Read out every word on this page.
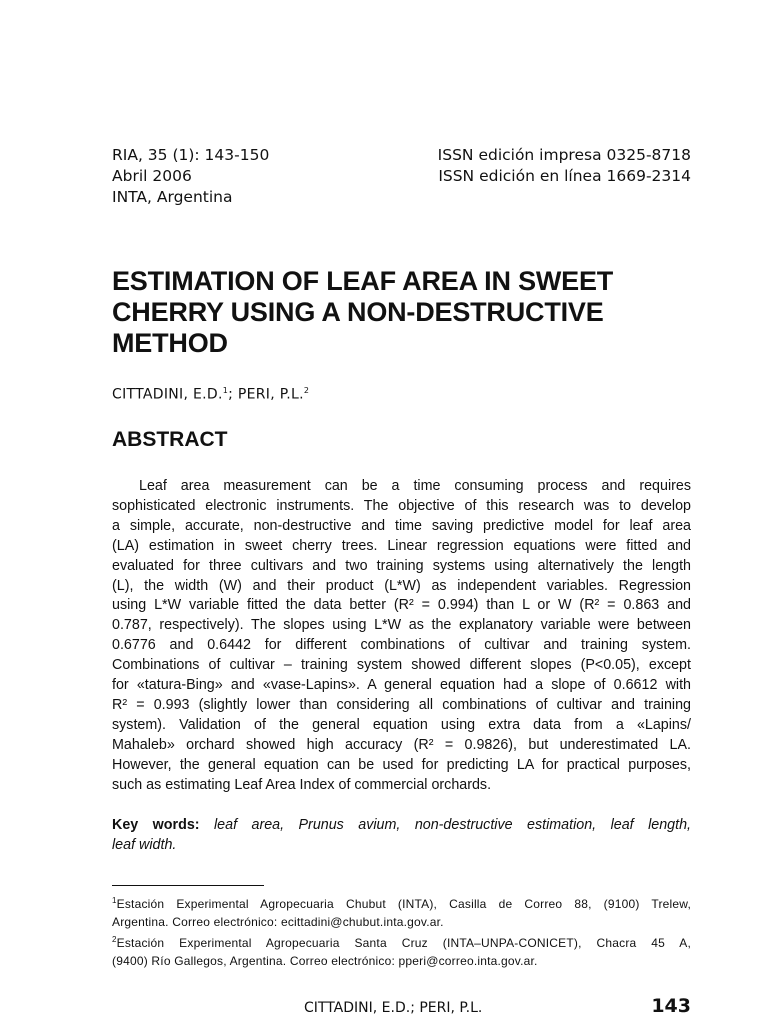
RIA, 35 (1): 143-150
Abril 2006
INTA, Argentina
ISSN edición impresa 0325-8718
ISSN edición en línea 1669-2314
ESTIMATION OF LEAF AREA IN SWEET
CHERRY USING A NON-DESTRUCTIVE
METHOD
CITTADINI, E.D.$^1$; PERI, P.L.$^2$
ABSTRACT
Leaf area measurement can be a time consuming process and requires
sophisticated electronic instruments. The objective of this research was to develop
a simple, accurate, non-destructive and time saving predictive model for leaf area
(LA) estimation in sweet cherry trees. Linear regression equations were fitted and
evaluated for three cultivars and two training systems using alternatively the length
(L), the width (W) and their product (L*W) as independent variables. Regression
using L*W variable fitted the data better (R² = 0.994) than L or W (R² = 0.863 and
0.787, respectively). The slopes using L*W as the explanatory variable were between
0.6776 and 0.6442 for different combinations of cultivar and training system.
Combinations of cultivar – training system showed different slopes (P<0.05), except
for «tatura-Bing» and «vase-Lapins». A general equation had a slope of 0.6612 with
R² = 0.993 (slightly lower than considering all combinations of cultivar and training
system). Validation of the general equation using extra data from a «Lapins/
Mahaleb» orchard showed high accuracy (R² = 0.9826), but underestimated LA.
However, the general equation can be used for predicting LA for practical purposes,
such as estimating Leaf Area Index of commercial orchards.
Key words: leaf area, Prunus avium, non-destructive estimation, leaf length,
leaf width.
$^1$Estación Experimental Agropecuaria Chubut (INTA), Casilla de Correo 88, (9100) Trelew,
Argentina. Correo electrónico: ecittadini@chubut.inta.gov.ar.
$^2$Estación Experimental Agropecuaria Santa Cruz (INTA–UNPA-CONICET), Chacra 45 A,
(9400) Río Gallegos, Argentina. Correo electrónico: pperi@correo.inta.gov.ar.
CITTADINI, E.D.; PERI, P.L.	143
